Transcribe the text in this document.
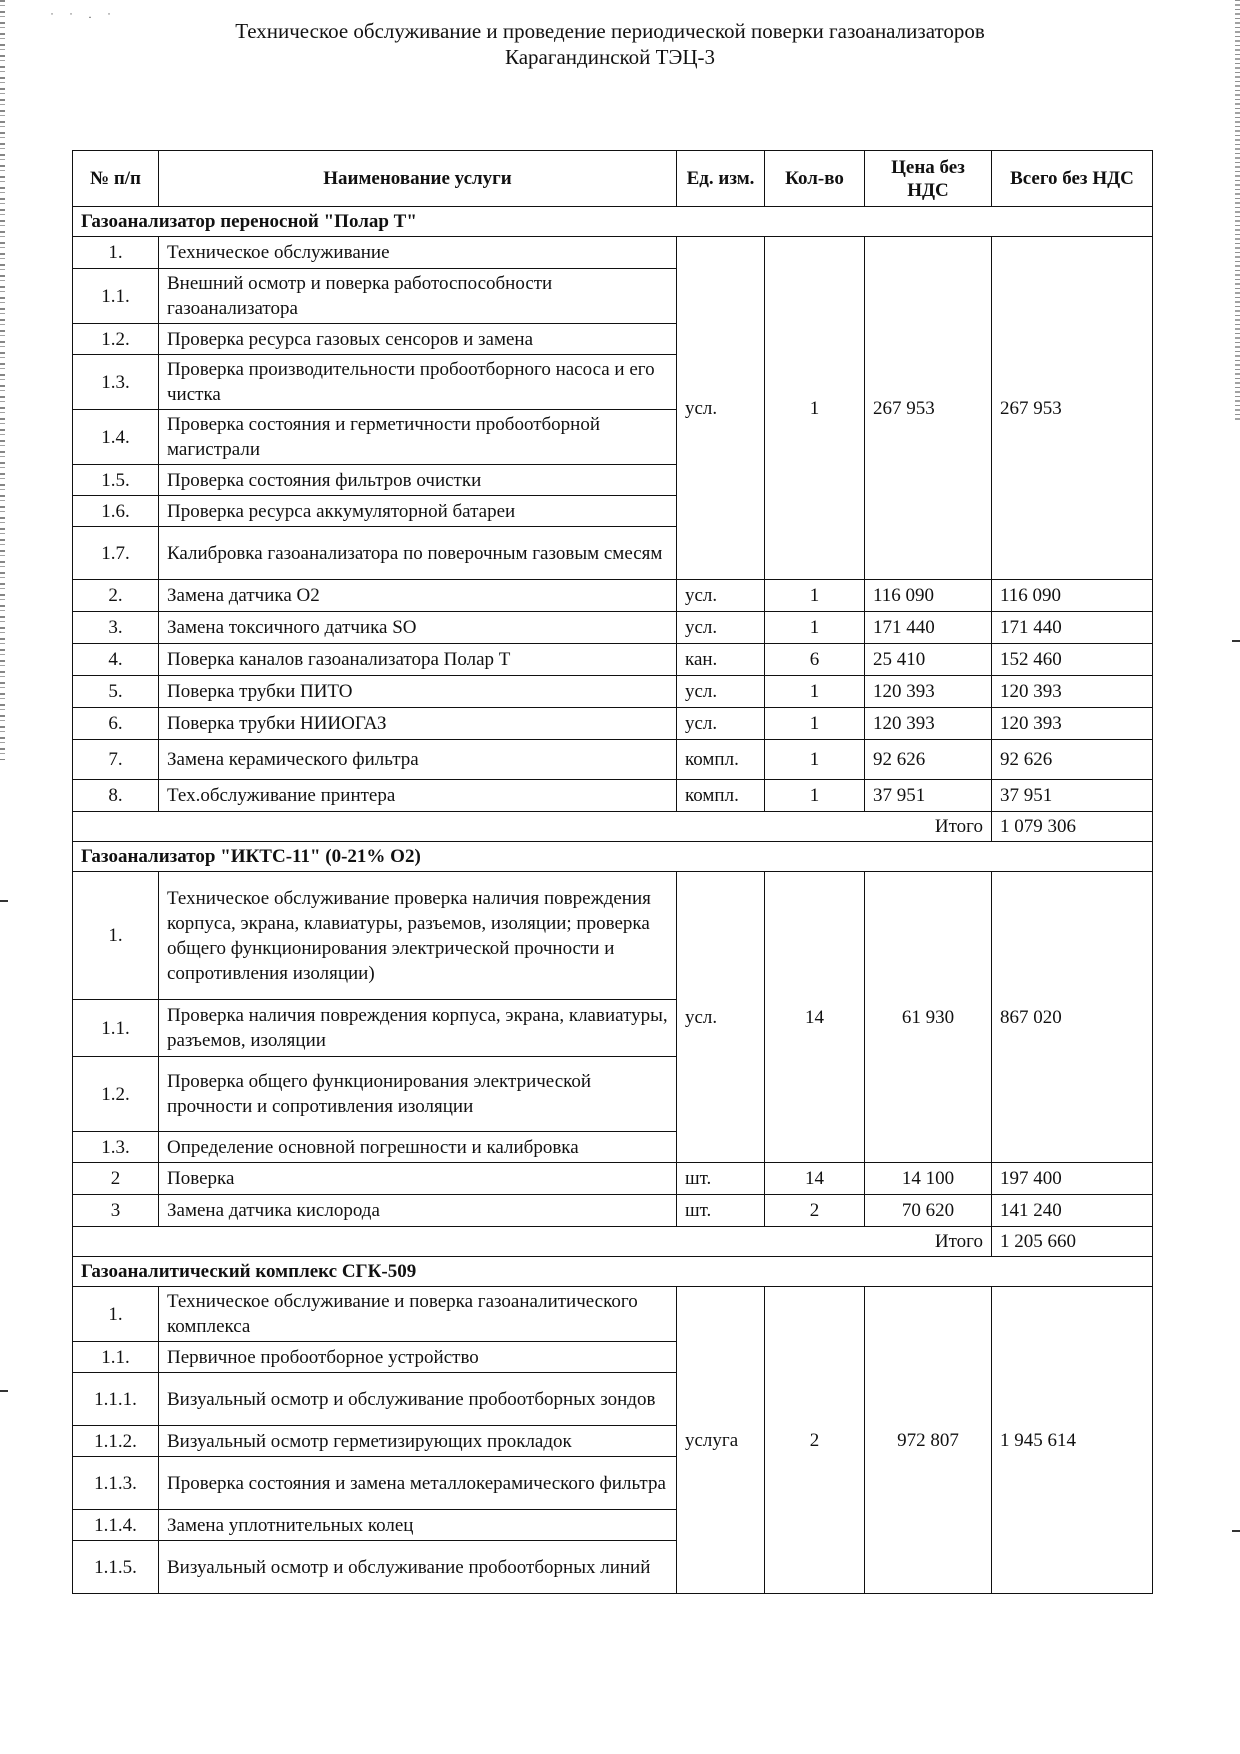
˙ ˙ · ˙
Техническое обслуживание и проведение периодической поверки газоанализаторов
Карагандинской ТЭЦ-3
№ п/п	Наименование услуги	Ед. изм.	Кол-во	Цена без НДС	Всего без НДС
Газоанализатор переносной "Полар Т"					
1.	Техническое обслуживание	усл.	1	267 953	267 953
1.1.	Внешний осмотр и поверка работоспособности газоанализатора				
1.2.	Проверка ресурса газовых сенсоров и замена				
1.3.	Проверка производительности пробоотборного насоса и его чистка				
1.4.	Проверка состояния и герметичности пробоотборной магистрали				
1.5.	Проверка состояния фильтров очистки				
1.6.	Проверка ресурса аккумуляторной батареи				
1.7.	Калибровка газоанализатора по поверочным газовым смесям				
2.	Замена датчика О2	усл.	1	116 090	116 090
3.	Замена токсичного датчика SO	усл.	1	171 440	171 440
4.	Поверка каналов газоанализатора Полар Т	кан.	6	25 410	152 460
5.	Поверка трубки ПИТО	усл.	1	120 393	120 393
6.	Поверка трубки НИИОГАЗ	усл.	1	120 393	120 393
7.	Замена керамического фильтра	компл.	1	92 626	92 626
8.	Тех.обслуживание принтера	компл.	1	37 951	37 951
Итого					1 079 306
Газоанализатор "ИКТС-11" (0-21% О2)					
1.	Техническое обслуживание проверка наличия повреждения корпуса, экрана, клавиатуры, разъемов, изоляции; проверка общего функционирования электрической прочности и сопротивления изоляции)	усл.	14	61 930	867 020
1.1.	Проверка наличия повреждения корпуса, экрана, клавиатуры, разъемов, изоляции				
1.2.	Проверка общего функционирования электрической прочности и сопротивления изоляции				
1.3.	Определение основной погрешности и калибровка				
2	Поверка	шт.	14	14 100	197 400
3	Замена датчика кислорода	шт.	2	70 620	141 240
Итого					1 205 660
Газоаналитический комплекс СГК-509					
1.	Техническое обслуживание и поверка газоаналитического комплекса	услуга	2	972 807	1 945 614
1.1.	Первичное пробоотборное устройство				
1.1.1.	Визуальный осмотр и обслуживание пробоотборных зондов				
1.1.2.	Визуальный осмотр герметизирующих прокладок				
1.1.3.	Проверка состояния и замена металлокерамического фильтра				
1.1.4.	Замена уплотнительных колец				
1.1.5.	Визуальный осмотр и обслуживание пробоотборных линий				
